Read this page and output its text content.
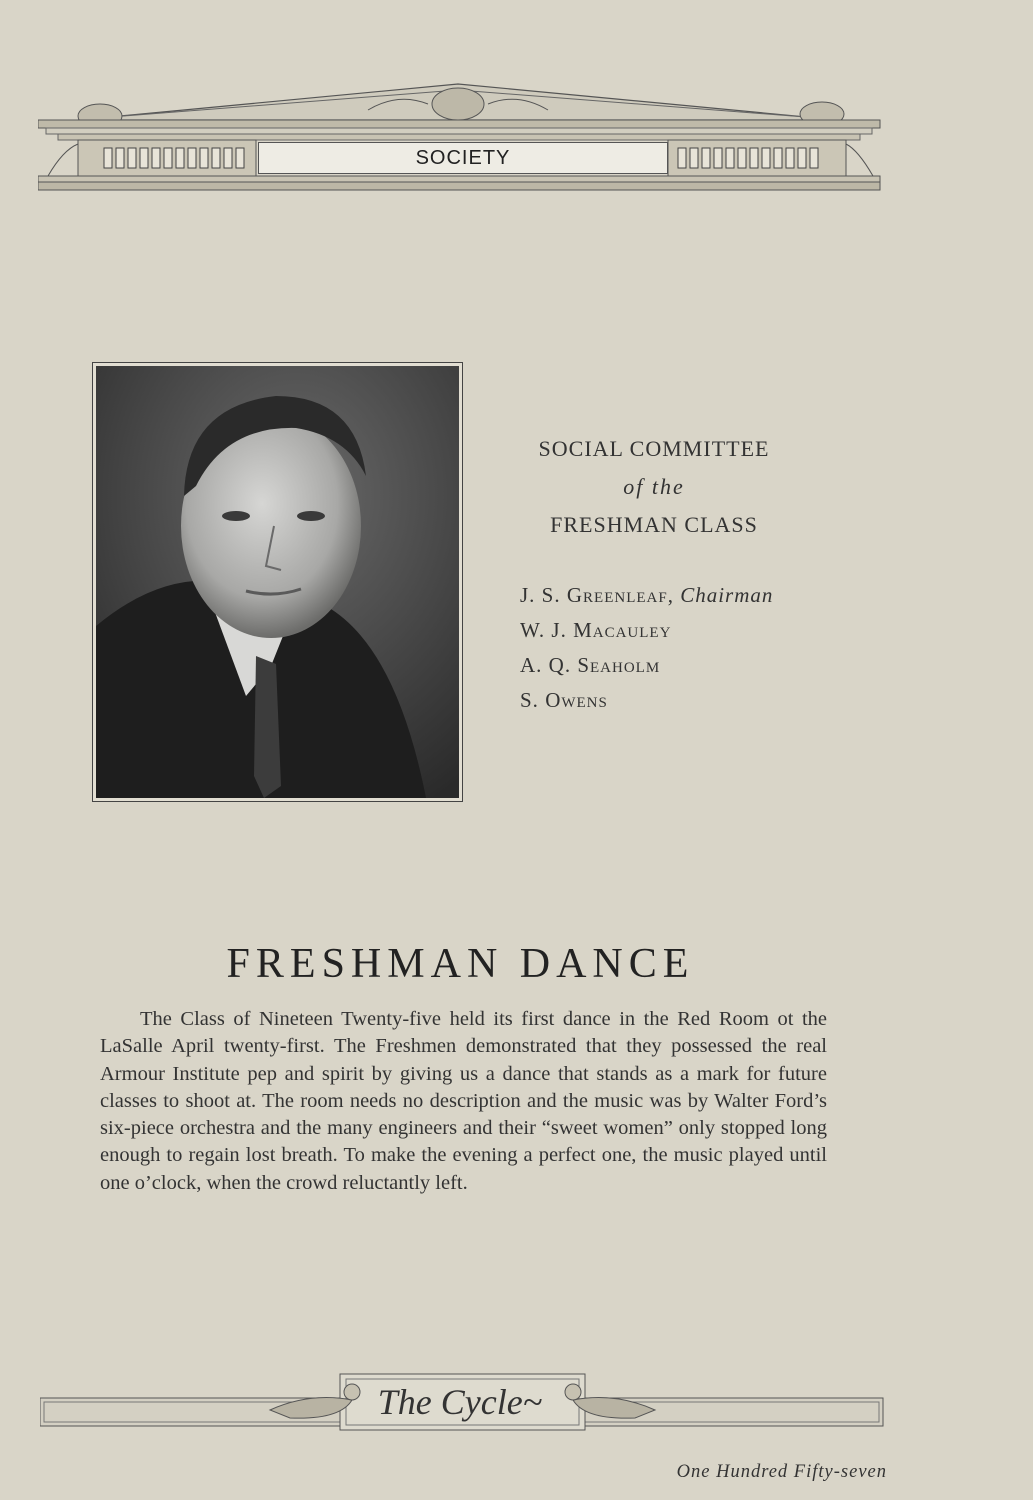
SOCIETY
SOCIAL COMMITTEE
of the
FRESHMAN CLASS
J. S. Greenleaf, Chairman
W. J. Macauley
A. Q. Seaholm
S. Owens
FRESHMAN DANCE
The Class of Nineteen Twenty-five held its first dance in the Red Room ot the LaSalle April twenty-first. The Freshmen demonstrated that they possessed the real Armour Institute pep and spirit by giving us a dance that stands as a mark for future classes to shoot at. The room needs no description and the music was by Walter Ford’s six-piece orchestra and the many engineers and their “sweet women” only stopped long enough to regain lost breath. To make the evening a perfect one, the music played until one o’clock, when the crowd reluctantly left.
The Cycle~
One Hundred Fifty-seven
